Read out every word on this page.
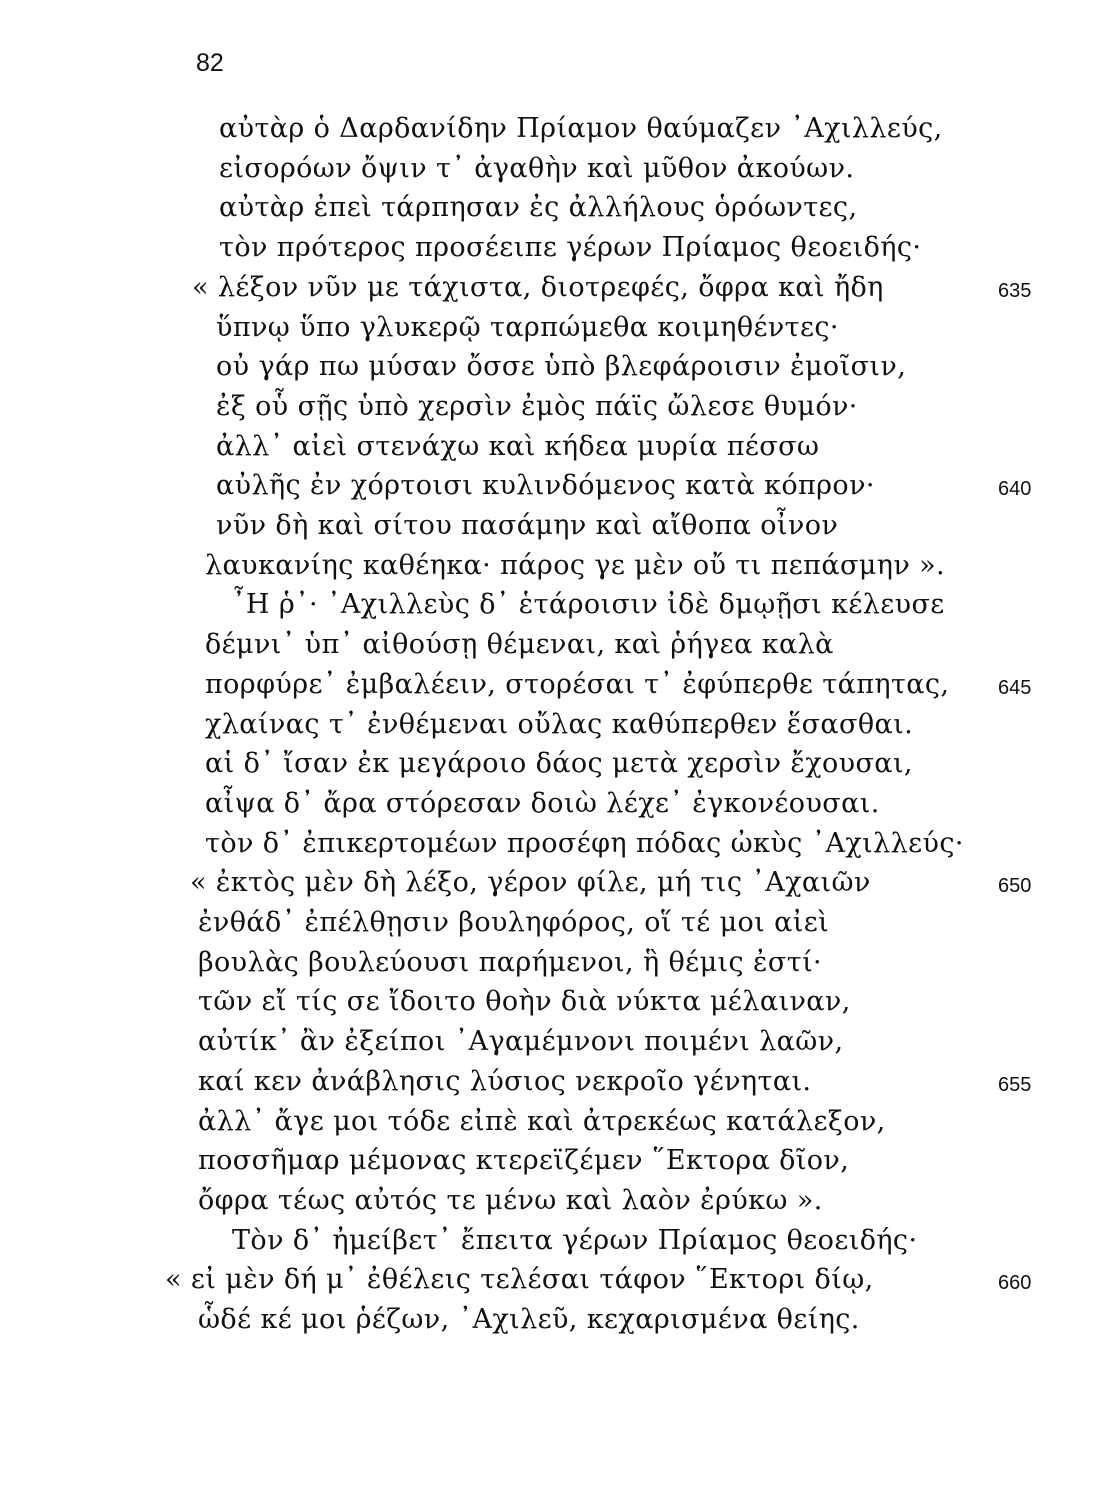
82
αὐτὰρ ὁ Δαρδανίδην Πρίαμον θαύμαζεν ᾿Αχιλλεύς,
εἰσορόων ὄψιν τ᾿ ἀγαθὴν καὶ μῦθον ἀκούων.
αὐτὰρ ἐπεὶ τάρπησαν ἐς ἀλλήλους ὁρόωντες,
τὸν πρότερος προσέειπε γέρων Πρίαμος θεοειδής·
« λέξον νῦν με τάχιστα, διοτρεφές, ὄφρα καὶ ἤδη	635
ὕπνῳ ὕπο γλυκερῷ ταρπώμεθα κοιμηθέντες·
οὐ γάρ πω μύσαν ὄσσε ὑπὸ βλεφάροισιν ἐμοῖσιν,
ἐξ οὗ σῇς ὑπὸ χερσὶν ἐμὸς πάϊς ὤλεσε θυμόν·
ἀλλ᾿ αἰεὶ στενάχω καὶ κήδεα μυρία πέσσω
αὐλῆς ἐν χόρτοισι κυλινδόμενος κατὰ κόπρον·	640
νῦν δὴ καὶ σίτου πασάμην καὶ αἴθοπα οἶνον
λαυκανίης καθέηκα· πάρος γε μὲν οὔ τι πεπάσμην ».
῏Η ῥ᾿· ᾿Αχιλλεὺς δ᾿ ἑτάροισιν ἰδὲ δμῳῇσι κέλευσε
δέμνι᾿ ὑπ᾿ αἰθούσῃ θέμεναι, καὶ ῥήγεα καλὰ
πορφύρε᾿ ἐμβαλέειν, στορέσαι τ᾿ ἐφύπερθε τάπητας, 645
χλαίνας τ᾿ ἐνθέμεναι οὔλας καθύπερθεν ἕσασθαι.
αἱ δ᾿ ἴσαν ἐκ μεγάροιο δάος μετὰ χερσὶν ἔχουσαι,
αἶψα δ᾿ ἄρα στόρεσαν δοιὼ λέχε᾿ ἐγκονέουσαι.
τὸν δ᾿ ἐπικερτομέων προσέφη πόδας ὠκὺς ᾿Αχιλλεύς·
« ἐκτὸς μὲν δὴ λέξο, γέρον φίλε, μή τις ᾿Αχαιῶν	650
ἐνθάδ᾿ ἐπέλθῃσιν βουληφόρος, οἵ τέ μοι αἰεὶ
βουλὰς βουλεύουσι παρήμενοι, ἣ θέμις ἐστί·
τῶν εἴ τίς σε ἴδοιτο θοὴν διὰ νύκτα μέλαιναν,
αὐτίκ᾿ ἂν ἐξείποι ᾿Αγαμέμνονι ποιμένι λαῶν,
καί κεν ἀνάβλησις λύσιος νεκροῖο γένηται.	655
ἀλλ᾿ ἄγε μοι τόδε εἰπὲ καὶ ἀτρεκέως κατάλεξον,
ποσσῆμαρ μέμονας κτερεϊζέμεν ῞Εκτορα δῖον,
ὄφρα τέως αὐτός τε μένω καὶ λαὸν ἐρύκω ».
Τὸν δ᾿ ἠμείβετ᾿ ἔπειτα γέρων Πρίαμος θεοειδής·
« εἰ μὲν δή μ᾿ ἐθέλεις τελέσαι τάφον ῞Εκτορι δίῳ,	660
ὧδέ κέ μοι ῥέζων, ᾿Αχιλεῦ, κεχαρισμένα θείης.
